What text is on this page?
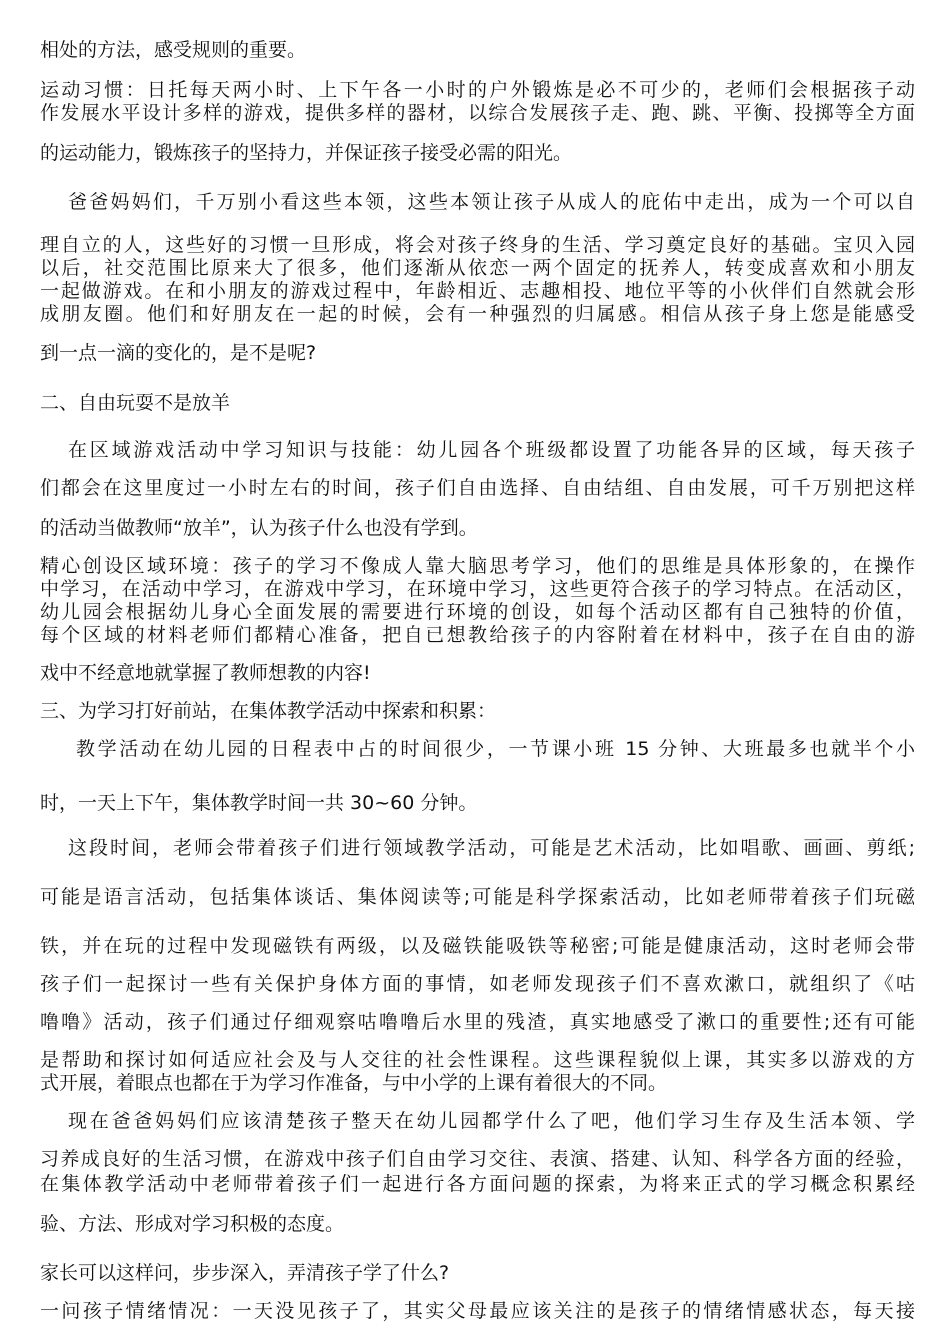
相处的方法，感受规则的重要。
运动习惯：日托每天两小时、上下午各一小时的户外锻炼是必不可少的，老师们会根据孩子动
作发展水平设计多样的游戏，提供多样的器材，以综合发展孩子走、跑、跳、平衡、投掷等全方面
的运动能力，锻炼孩子的坚持力，并保证孩子接受必需的阳光。
爸爸妈妈们，千万别小看这些本领，这些本领让孩子从成人的庇佑中走出，成为一个可以自
理自立的人，这些好的习惯一旦形成，将会对孩子终身的生活、学习奠定良好的基础。宝贝入园
以后，社交范围比原来大了很多，他们逐渐从依恋一两个固定的抚养人，转变成喜欢和小朋友
一起做游戏。在和小朋友的游戏过程中，年龄相近、志趣相投、地位平等的小伙伴们自然就会形
成朋友圈。他们和好朋友在一起的时候，会有一种强烈的归属感。相信从孩子身上您是能感受
到一点一滴的变化的，是不是呢?
二、自由玩耍不是放羊
在区域游戏活动中学习知识与技能：幼儿园各个班级都设置了功能各异的区域，每天孩子
们都会在这里度过一小时左右的时间，孩子们自由选择、自由结组、自由发展，可千万别把这样
的活动当做教师“放羊”，认为孩子什么也没有学到。
精心创设区域环境：孩子的学习不像成人靠大脑思考学习，他们的思维是具体形象的，在操作
中学习，在活动中学习，在游戏中学习，在环境中学习，这些更符合孩子的学习特点。在活动区，
幼儿园会根据幼儿身心全面发展的需要进行环境的创设，如每个活动区都有自己独特的价值，
每个区域的材料老师们都精心准备，把自已想教给孩子的内容附着在材料中，孩子在自由的游
戏中不经意地就掌握了教师想教的内容!
三、为学习打好前站，在集体教学活动中探索和积累：
教学活动在幼儿园的日程表中占的时间很少，一节课小班 15 分钟、大班最多也就半个小
时，一天上下午，集体教学时间一共 30~60 分钟。
这段时间，老师会带着孩子们进行领域教学活动，可能是艺术活动，比如唱歌、画画、剪纸;
可能是语言活动，包括集体谈话、集体阅读等;可能是科学探索活动，比如老师带着孩子们玩磁
铁，并在玩的过程中发现磁铁有两级，以及磁铁能吸铁等秘密;可能是健康活动，这时老师会带
孩子们一起探讨一些有关保护身体方面的事情，如老师发现孩子们不喜欢漱口，就组织了《咕
噜噜》活动，孩子们通过仔细观察咕噜噜后水里的残渣，真实地感受了漱口的重要性;还有可能
是帮助和探讨如何适应社会及与人交往的社会性课程。这些课程貌似上课，其实多以游戏的方
式开展，着眼点也都在于为学习作准备，与中小学的上课有着很大的不同。
现在爸爸妈妈们应该清楚孩子整天在幼儿园都学什么了吧，他们学习生存及生活本领、学
习养成良好的生活习惯，在游戏中孩子们自由学习交往、表演、搭建、认知、科学各方面的经验，
在集体教学活动中老师带着孩子们一起进行各方面问题的探索，为将来正式的学习概念积累经
验、方法、形成对学习积极的态度。
家长可以这样问，步步深入，弄清孩子学了什么?
一问孩子情绪情况：一天没见孩子了，其实父母最应该关注的是孩子的情绪情感状态，每天接
